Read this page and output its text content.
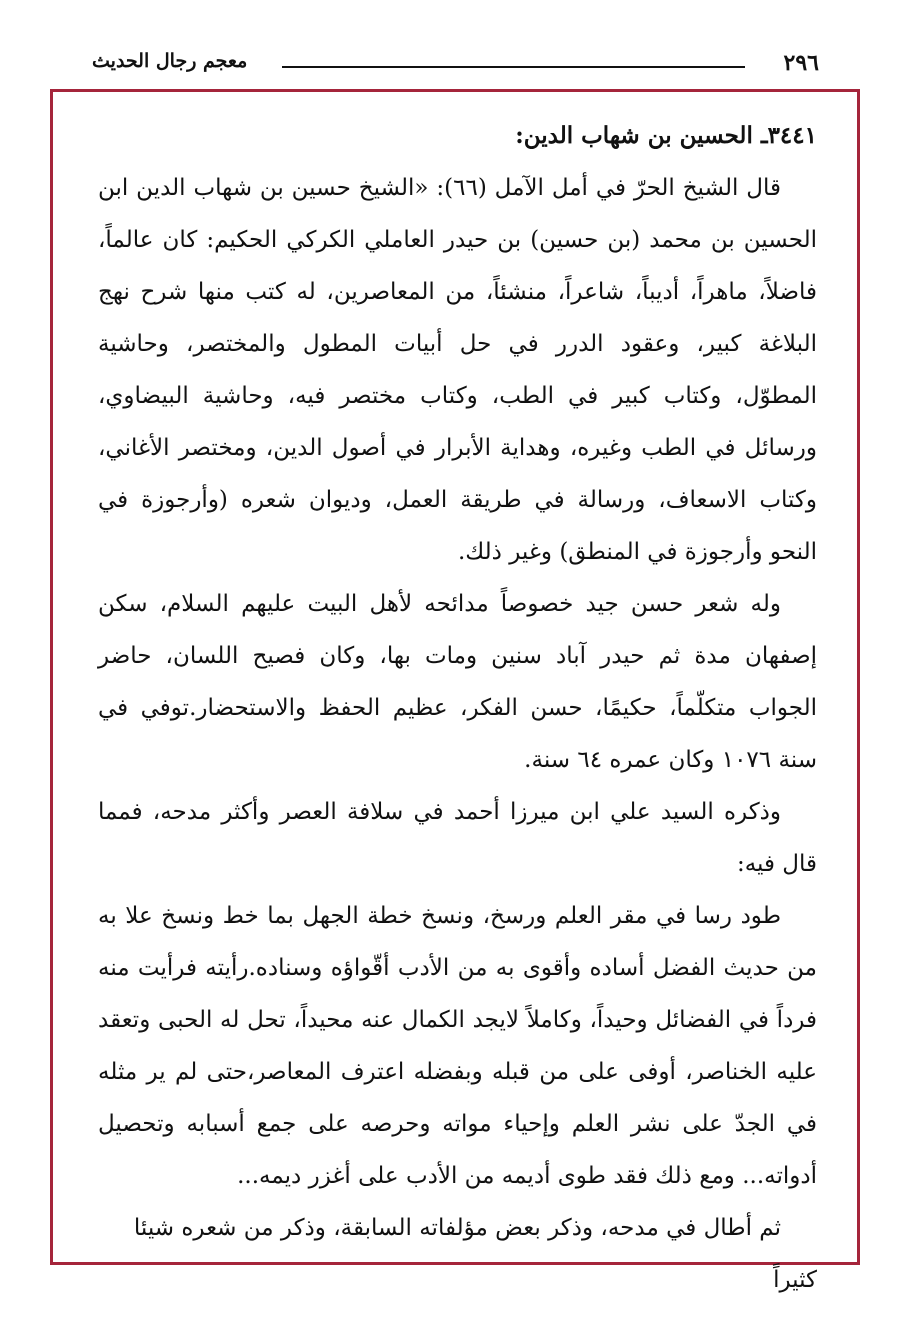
٢٩٦
معجم رجال الحديث

٣٤٤١ـ الحسين بن شهاب الدين:

قال الشيخ الحرّ في أمل الآمل (٦٦): «الشيخ حسين بن شهاب الدين ابن الحسين بن محمد (بن حسين) بن حيدر العاملي الكركي الحكيم: كان عالماً، فاضلاً، ماهراً، أديباً، شاعراً، منشئاً، من المعاصرين، له كتب منها شرح نهج البلاغة كبير، وعقود الدرر في حل أبيات المطول والمختصر، وحاشية المطوّل، وكتاب كبير في الطب، وكتاب مختصر فيه، وحاشية البيضاوي، ورسائل في الطب وغيره، وهداية الأبرار في أصول الدين، ومختصر الأغاني، وكتاب الاسعاف، ورسالة في طريقة العمل، وديوان شعره (وأرجوزة في النحو وأرجوزة في المنطق) وغير ذلك.

وله شعر حسن جيد خصوصاً مدائحه لأهل البيت عليهم السلام، سكن إصفهان مدة ثم حيدر آباد سنين ومات بها، وكان فصيح اللسان، حاضر الجواب متكلّماً، حكيمًا، حسن الفكر، عظيم الحفظ والاستحضار.توفي في سنة ١٠٧٦ وكان عمره ٦٤ سنة.

وذكره السيد علي ابن ميرزا أحمد في سلافة العصر وأكثر مدحه، فمما قال فيه:

طود رسا في مقر العلم ورسخ، ونسخ خطة الجهل بما خط ونسخ علا به من حديث الفضل أساده وأقوى به من الأدب أقّواؤه وسناده.رأيته فرأيت منه فرداً في الفضائل وحيداً، وكاملاً لايجد الكمال عنه محيداً، تحل له الحبى وتعقد عليه الخناصر، أوفى على من قبله وبفضله اعترف المعاصر،حتى لم ير مثله في الجدّ على نشر العلم وإحياء مواته وحرصه على جمع أسبابه وتحصيل أدواته... ومع ذلك فقد طوى أديمه من الأدب على أغزر ديمه...

ثم أطال في مدحه، وذكر بعض مؤلفاته السابقة، وذكر من شعره شيئا كثيراً
